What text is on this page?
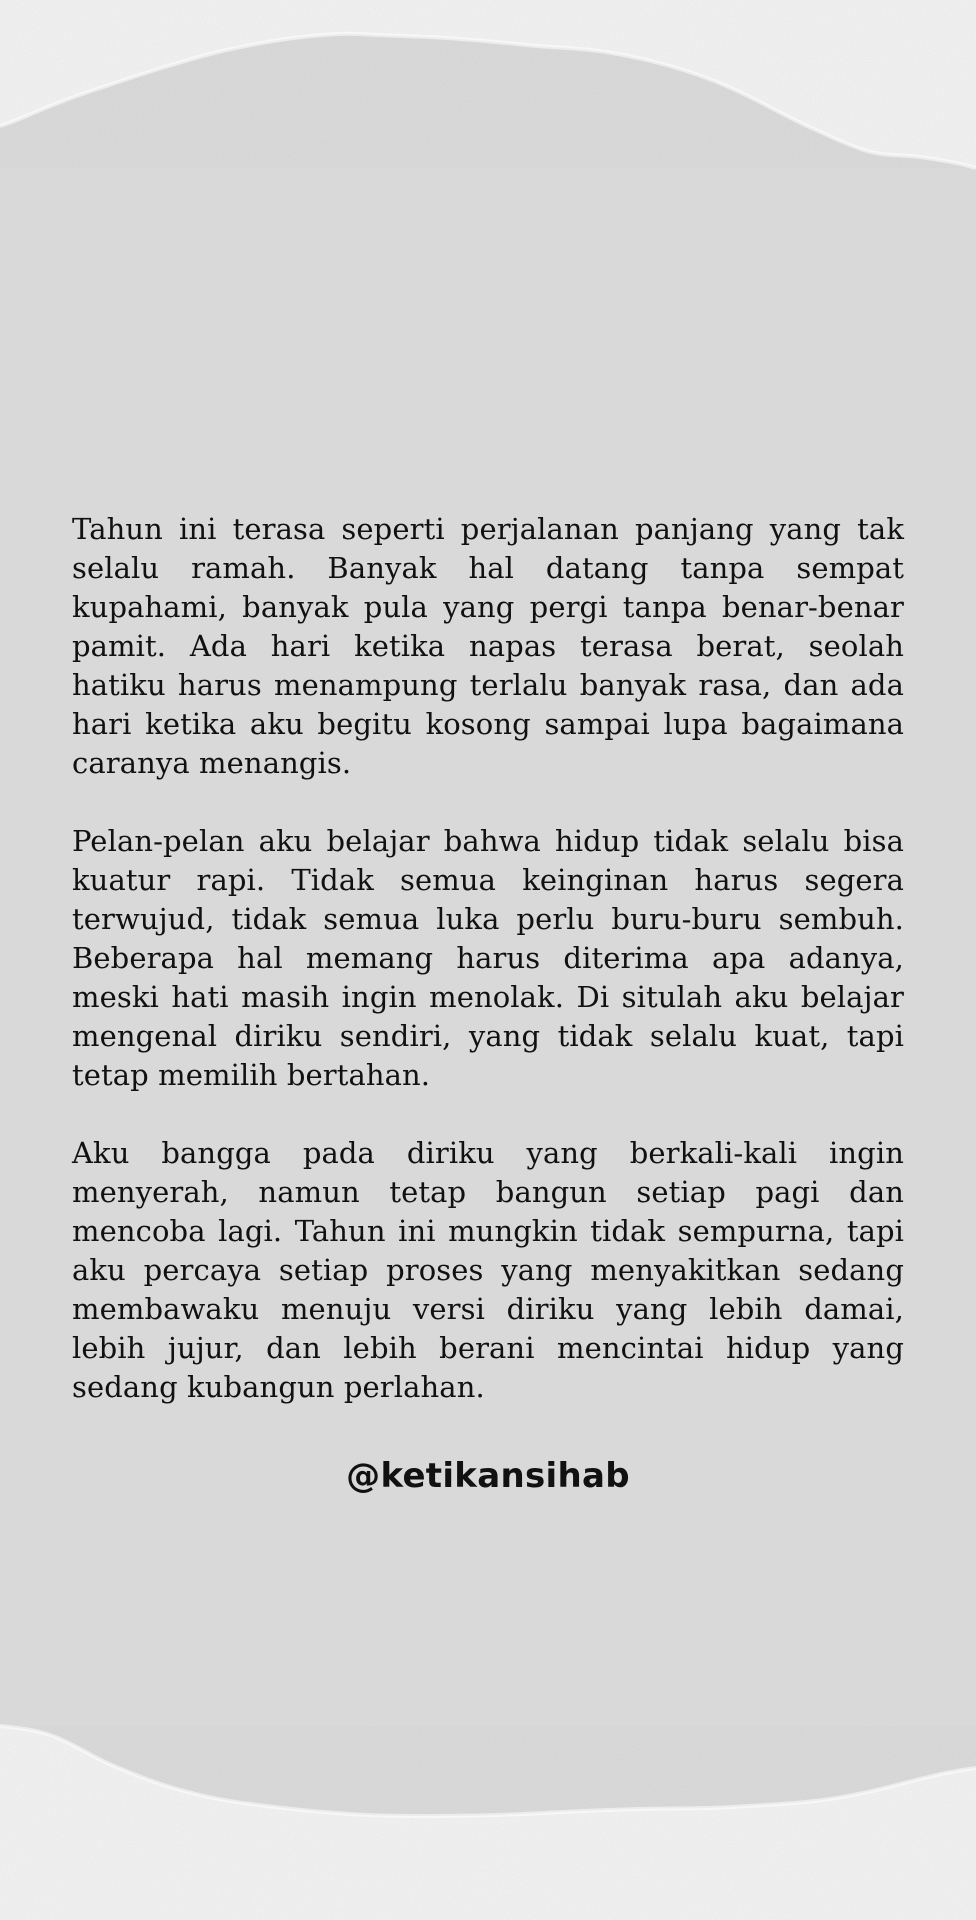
Tahun ini terasa seperti perjalanan panjang yang tak selalu ramah. Banyak hal datang tanpa sempat kupahami, banyak pula yang pergi tanpa benar-benar pamit. Ada hari ketika napas terasa berat, seolah hatiku harus menampung terlalu banyak rasa, dan ada hari ketika aku begitu kosong sampai lupa bagaimana caranya menangis.

Pelan-pelan aku belajar bahwa hidup tidak selalu bisa kuatur rapi. Tidak semua keinginan harus segera terwujud, tidak semua luka perlu buru-buru sembuh. Beberapa hal memang harus diterima apa adanya, meski hati masih ingin menolak. Di situlah aku belajar mengenal diriku sendiri, yang tidak selalu kuat, tapi tetap memilih bertahan.

Aku bangga pada diriku yang berkali-kali ingin menyerah, namun tetap bangun setiap pagi dan mencoba lagi. Tahun ini mungkin tidak sempurna, tapi aku percaya setiap proses yang menyakitkan sedang membawaku menuju versi diriku yang lebih damai, lebih jujur, dan lebih berani mencintai hidup yang sedang kubangun perlahan.

@ketikansihab
